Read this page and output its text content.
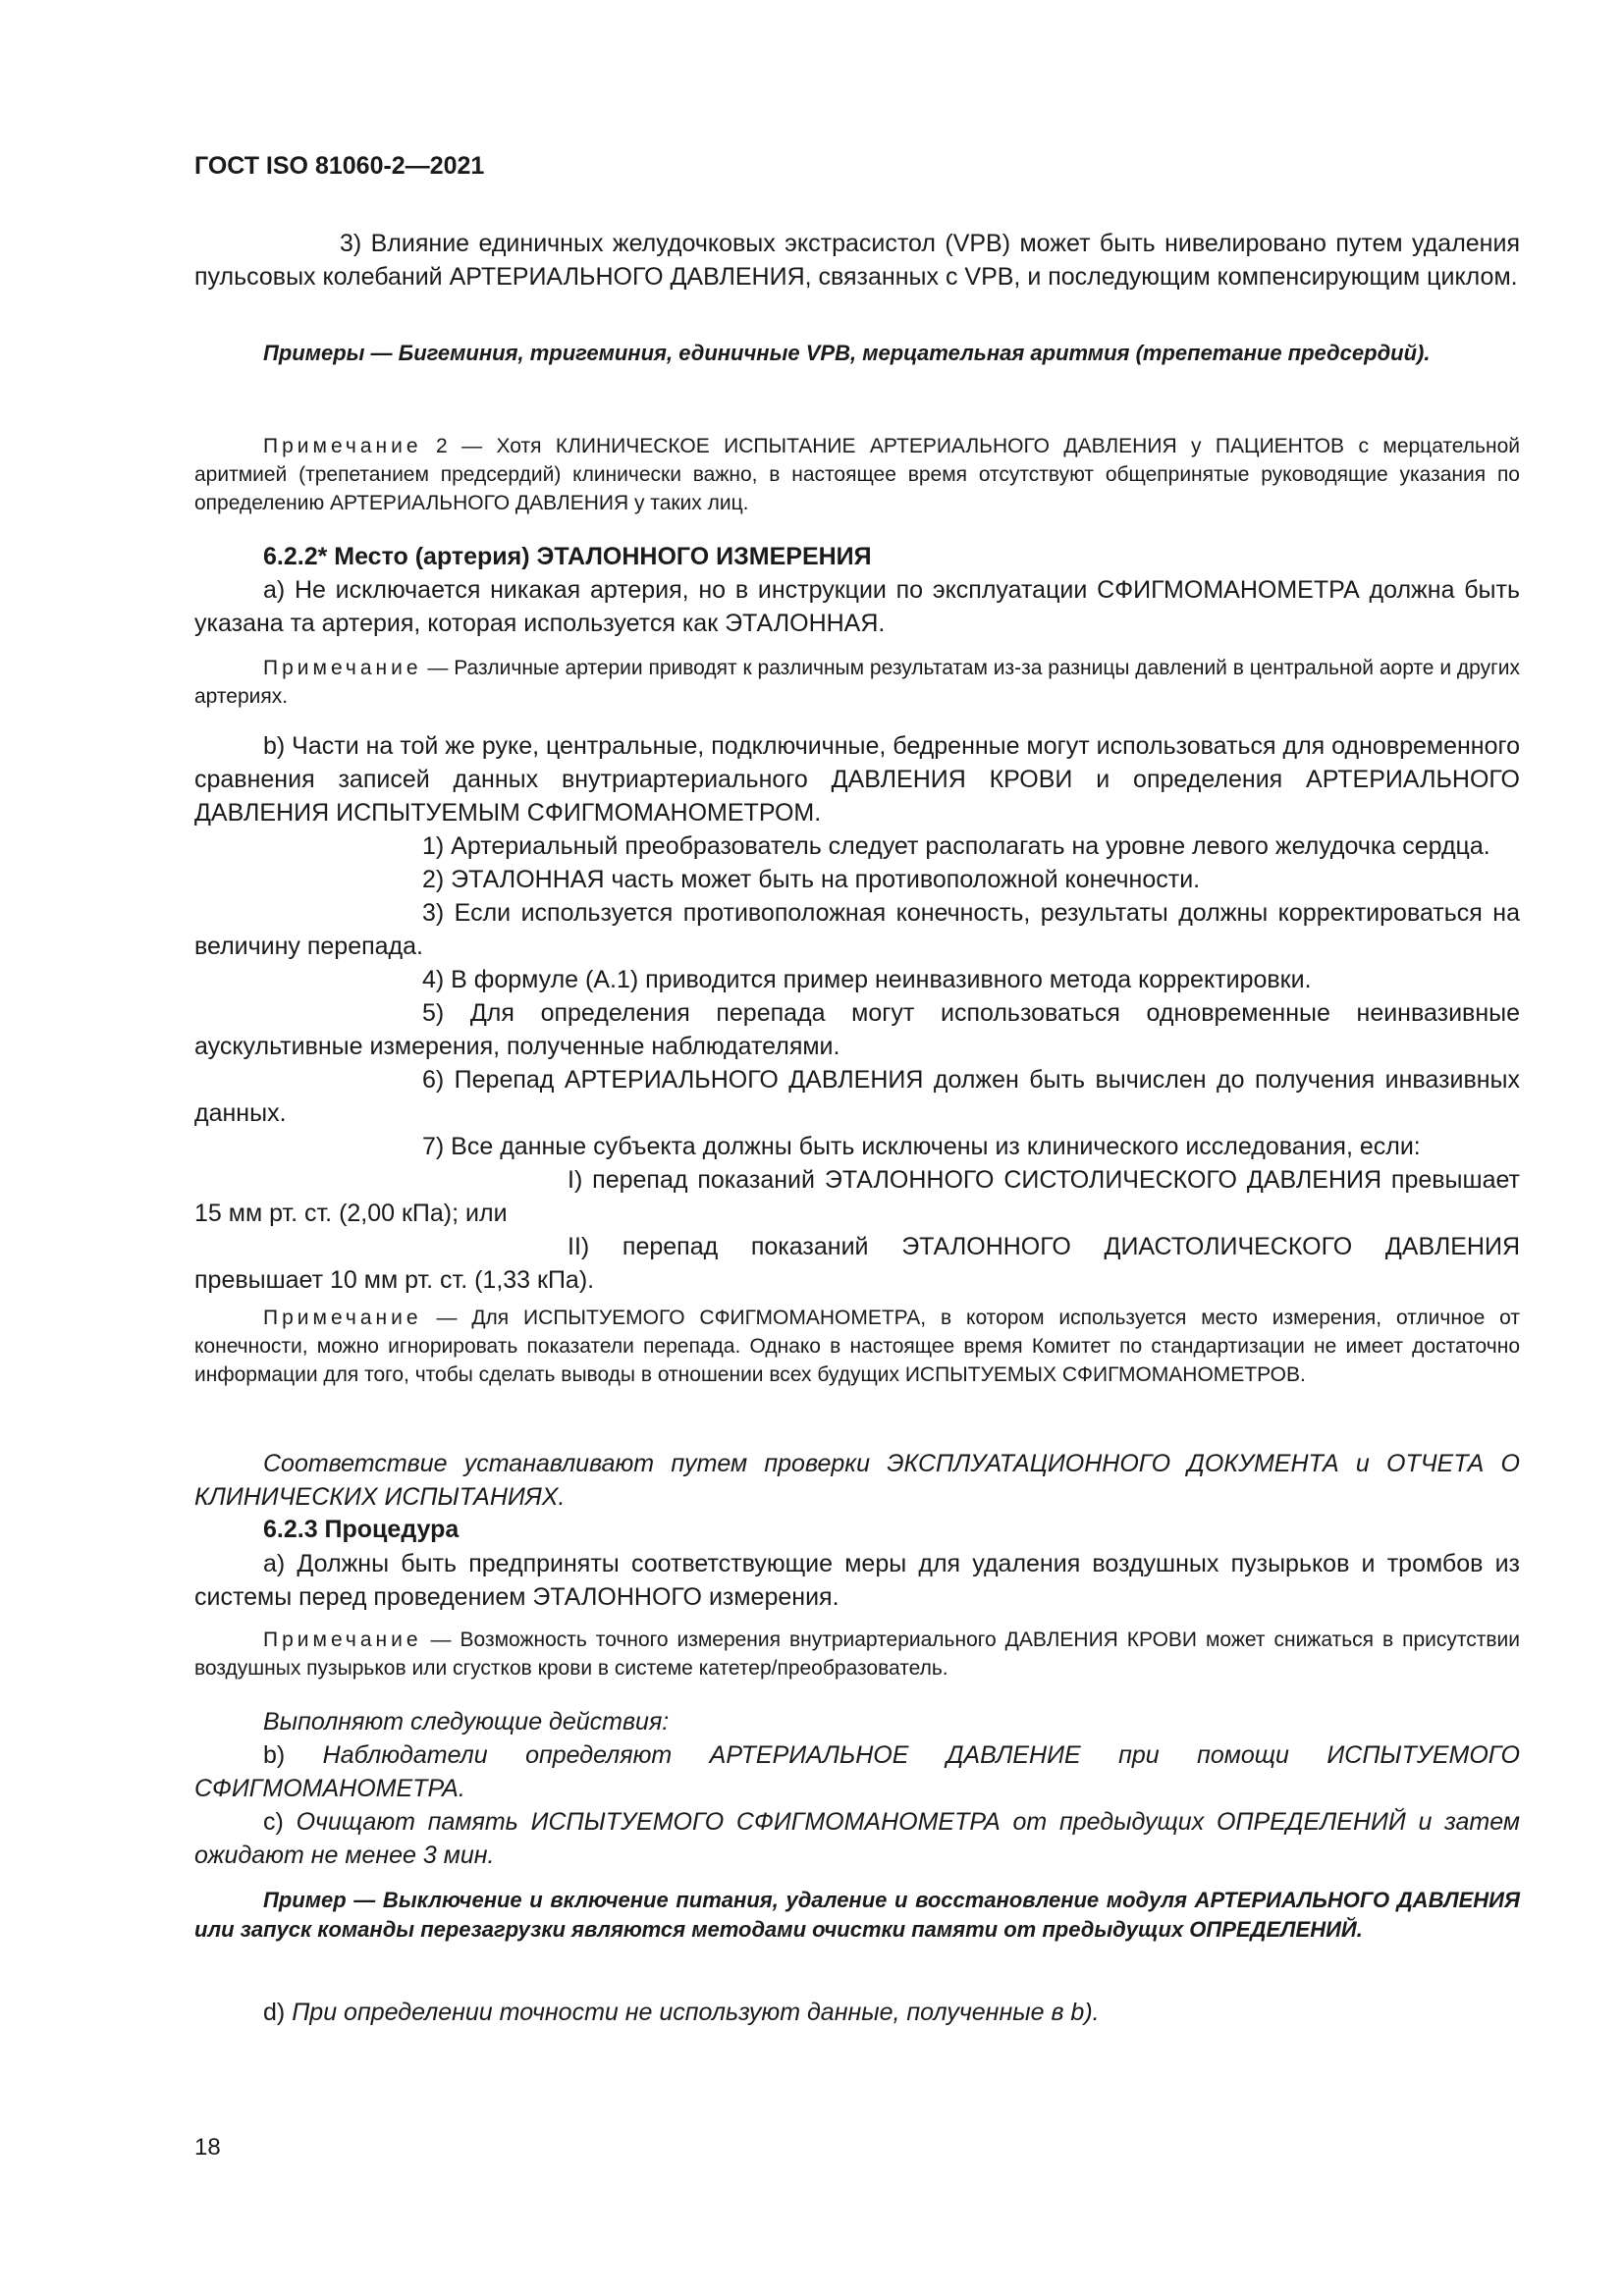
ГОСТ ISO 81060-2—2021

3) Влияние единичных желудочковых экстрасистол (VPB) может быть нивелировано путем удаления пульсовых колебаний АРТЕРИАЛЬНОГО ДАВЛЕНИЯ, связанных с VPB, и последующим компенсирующим циклом.

Примеры — Бигеминия, тригеминия, единичные VPB, мерцательная аритмия (трепетание предсердий).

Примечание 2 — Хотя КЛИНИЧЕСКОЕ ИСПЫТАНИЕ АРТЕРИАЛЬНОГО ДАВЛЕНИЯ у ПАЦИЕНТОВ с мерцательной аритмией (трепетанием предсердий) клинически важно, в настоящее время отсутствуют общепринятые руководящие указания по определению АРТЕРИАЛЬНОГО ДАВЛЕНИЯ у таких лиц.

6.2.2* Место (артерия) ЭТАЛОННОГО ИЗМЕРЕНИЯ

a) Не исключается никакая артерия, но в инструкции по эксплуатации СФИГМОМАНОМЕТРА должна быть указана та артерия, которая используется как ЭТАЛОННАЯ.

Примечание — Различные артерии приводят к различным результатам из-за разницы давлений в центральной аорте и других артериях.

b) Части на той же руке, центральные, подключичные, бедренные могут использоваться для одновременного сравнения записей данных внутриартериального ДАВЛЕНИЯ КРОВИ и определения АРТЕРИАЛЬНОГО ДАВЛЕНИЯ ИСПЫТУЕМЫМ СФИГМОМАНОМЕТРОМ.

1) Артериальный преобразователь следует располагать на уровне левого желудочка сердца.

2) ЭТАЛОННАЯ часть может быть на противоположной конечности.

3) Если используется противоположная конечность, результаты должны корректироваться на величину перепада.

4) В формуле (А.1) приводится пример неинвазивного метода корректировки.

5) Для определения перепада могут использоваться одновременные неинвазивные аускультивные измерения, полученные наблюдателями.

6) Перепад АРТЕРИАЛЬНОГО ДАВЛЕНИЯ должен быть вычислен до получения инвазивных данных.

7) Все данные субъекта должны быть исключены из клинического исследования, если:

I) перепад показаний ЭТАЛОННОГО СИСТОЛИЧЕСКОГО ДАВЛЕНИЯ превышает 15 мм рт. ст. (2,00 кПа); или

II) перепад показаний ЭТАЛОННОГО ДИАСТОЛИЧЕСКОГО ДАВЛЕНИЯ превышает 10 мм рт. ст. (1,33 кПа).

Примечание — Для ИСПЫТУЕМОГО СФИГМОМАНОМЕТРА, в котором используется место измерения, отличное от конечности, можно игнорировать показатели перепада. Однако в настоящее время Комитет по стандартизации не имеет достаточно информации для того, чтобы сделать выводы в отношении всех будущих ИСПЫТУЕМЫХ СФИГМОМАНОМЕТРОВ.

Соответствие устанавливают путем проверки ЭКСПЛУАТАЦИОННОГО ДОКУМЕНТА и ОТЧЕТА О КЛИНИЧЕСКИХ ИСПЫТАНИЯХ.

6.2.3 Процедура

a) Должны быть предприняты соответствующие меры для удаления воздушных пузырьков и тромбов из системы перед проведением ЭТАЛОННОГО измерения.

Примечание — Возможность точного измерения внутриартериального ДАВЛЕНИЯ КРОВИ может снижаться в присутствии воздушных пузырьков или сгустков крови в системе катетер/преобразователь.

Выполняют следующие действия:

b) Наблюдатели определяют АРТЕРИАЛЬНОЕ ДАВЛЕНИЕ при помощи ИСПЫТУЕМОГО СФИГМОМАНОМЕТРА.

c) Очищают память ИСПЫТУЕМОГО СФИГМОМАНОМЕТРА от предыдущих ОПРЕДЕЛЕНИЙ и затем ожидают не менее 3 мин.

Пример — Выключение и включение питания, удаление и восстановление модуля АРТЕРИАЛЬНОГО ДАВЛЕНИЯ или запуск команды перезагрузки являются методами очистки памяти от предыдущих ОПРЕДЕЛЕНИЙ.

d) При определении точности не используют данные, полученные в b).

18
